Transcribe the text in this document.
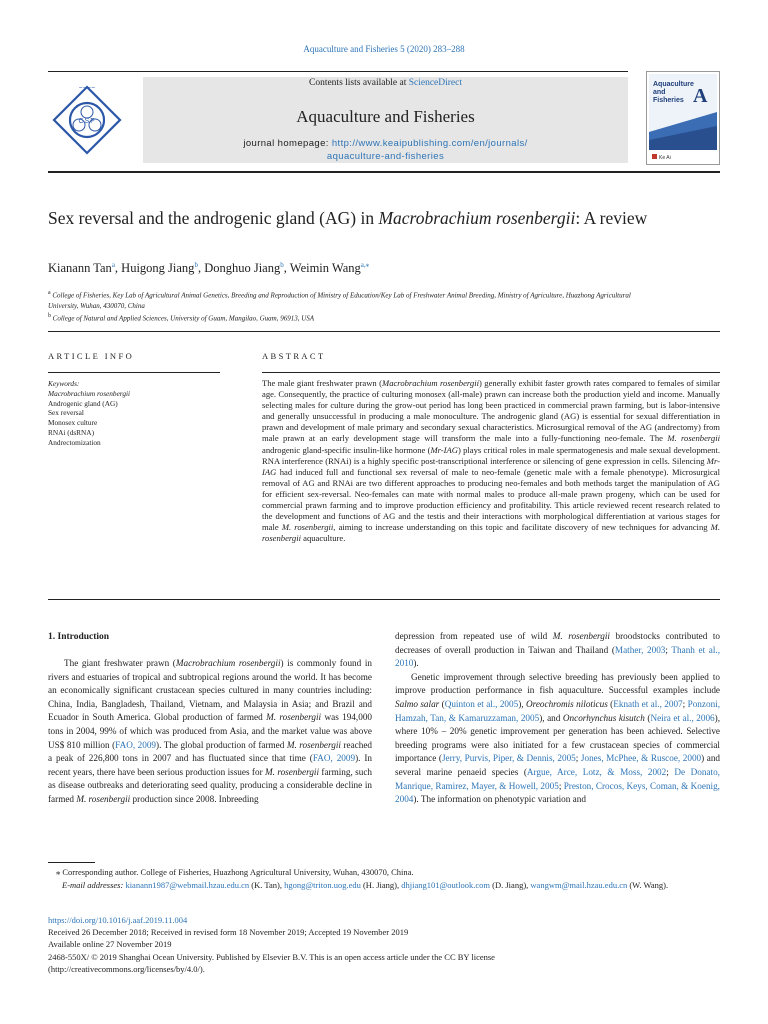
Aquaculture and Fisheries 5 (2020) 283–288
~~~~
CSF
Contents lists available at ScienceDirect
Aquaculture and Fisheries
journal homepage: http://www.keaipublishing.com/en/journals/
aquaculture-and-fisheries
Aquaculture
and
Fisheries A
Ke Ai
Sex reversal and the androgenic gland (AG) in Macrobrachium rosenbergii: A review
Kianann Tan$^a$, Huigong Jiang$^b$, Donghuo Jiang$^b$, Weimin Wang$^{a,⁎}$
$^a$ College of Fisheries, Key Lab of Agricultural Animal Genetics, Breeding and Reproduction of Ministry of Education/Key Lab of Freshwater Animal Breeding, Ministry of Agriculture, Huazhong Agricultural University, Wuhan, 430070, China
$^b$ College of Natural and Applied Sciences, University of Guam, Mangilao, Guam, 96913, USA
ARTICLE INFO	ABSTRACT
Keywords:
Macrobrachium rosenbergii
Androgenic gland (AG)
Sex reversal
Monosex culture
RNAi (dsRNA)
Andrectomization
The male giant freshwater prawn (Macrobrachium rosenbergii) generally exhibit faster growth rates compared to females of similar age. Consequently, the practice of culturing monosex (all-male) prawn can increase both the production yield and income. Manually selecting males for culture during the grow-out period has long been practiced in commercial prawn farming, but is labor-intensive and generally unsuccessful in producing a male monoculture. The androgenic gland (AG) is essential for sexual differentiation in prawn and development of male primary and secondary sexual characteristics. Microsurgical removal of the AG (andrectomy) from male prawn at an early development stage will transform the male into a fully-functioning neo-female. The M. rosenbergii androgenic gland-specific insulin-like hormone (Mr-IAG) plays critical roles in male spermatogenesis and male sexual development. RNA interference (RNAi) is a highly specific post-transcriptional interference or silencing of gene expression in cells. Silencing Mr-IAG had induced full and functional sex reversal of male to neo-female (genetic male with a female phenotype). Microsurgical removal of AG and RNAi are two different approaches to producing neo-females and both methods target the manipulation of AG for efficient sex-reversal. Neo-females can mate with normal males to produce all-male prawn progeny, which can be used for commercial prawn farming and to improve production efficiency and profitability. This article reviewed recent research related to the development and functions of AG and the testis and their interactions with morphological differentiation at various stages for male M. rosenbergii, aiming to increase understanding on this topic and facilitate discovery of new techniques for advancing M. rosenbergii aquaculture.
1. Introduction

The giant freshwater prawn (Macrobrachium rosenbergii) is commonly found in rivers and estuaries of tropical and subtropical regions around the world. It has become an economically significant crustacean species cultured in many countries including: China, India, Bangladesh, Thailand, Vietnam, and Malaysia in Asia; and Brazil and Ecuador in South America. Global production of farmed M. rosenbergii was 194,000 tons in 2004, 99% of which was produced from Asia, and the market value was above US$ 810 million (FAO, 2009). The global production of farmed M. rosenbergii reached a peak of 226,800 tons in 2007 and has fluctuated since that time (FAO, 2009). In recent years, there have been serious production issues for M. rosenbergii farming, such as disease outbreaks and deteriorating seed quality, producing a considerable decline in farmed M. rosenbergii production since 2008. Inbreeding

depression from repeated use of wild M. rosenbergii broodstocks contributed to decreases of overall production in Taiwan and Thailand (Mather, 2003; Thanh et al., 2010).

Genetic improvement through selective breeding has previously been applied to improve production performance in fish aquaculture. Successful examples include Salmo salar (Quinton et al., 2005), Oreochromis niloticus (Eknath et al., 2007; Ponzoni, Hamzah, Tan, & Kamaruzzaman, 2005), and Oncorhynchus kisutch (Neira et al., 2006), where 10% – 20% genetic improvement per generation has been achieved. Selective breeding programs were also initiated for a few crustacean species of commercial importance (Jerry, Purvis, Piper, & Dennis, 2005; Jones, McPhee, & Ruscoe, 2000) and several marine penaeid species (Argue, Arce, Lotz, & Moss, 2002; De Donato, Manrique, Ramirez, Mayer, & Howell, 2005; Preston, Crocos, Keys, Coman, & Koenig, 2004). The information on phenotypic variation and

⁎ Corresponding author. College of Fisheries, Huazhong Agricultural University, Wuhan, 430070, China.
E-mail addresses: kianann1987@webmail.hzau.edu.cn (K. Tan), hgong@triton.uog.edu (H. Jiang), dhjiang101@outlook.com (D. Jiang), wangwm@mail.hzau.edu.cn (W. Wang).
https://doi.org/10.1016/j.aaf.2019.11.004
Received 26 December 2018; Received in revised form 18 November 2019; Accepted 19 November 2019
Available online 27 November 2019
2468-550X/ © 2019 Shanghai Ocean University. Published by Elsevier B.V. This is an open access article under the CC BY license
(http://creativecommons.org/licenses/by/4.0/).
